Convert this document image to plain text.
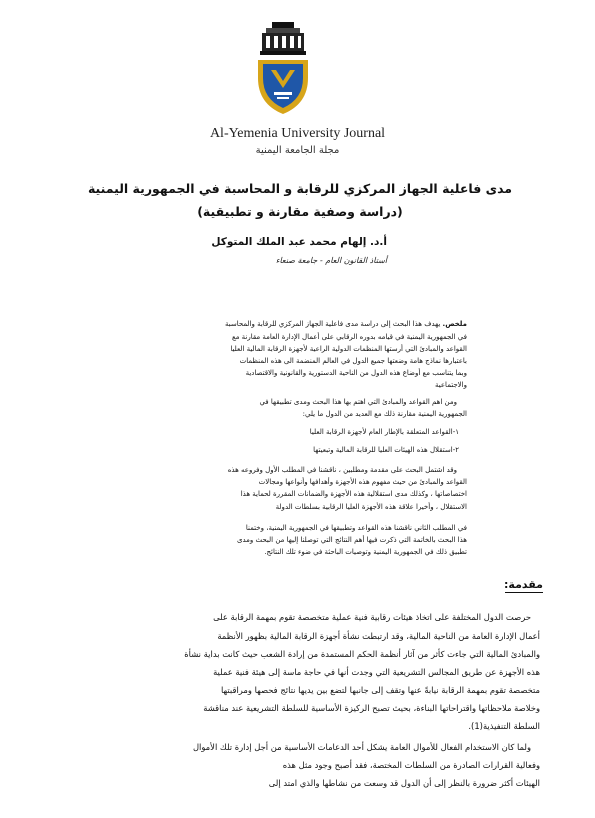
Al-Yemenia University Journal
مجلة الجامعة اليمنية
مدى فاعلية الجهاز المركزي للرقابة و المحاسبة في الجمهورية اليمنية
(دراسة وصفية مقارنة و تطبيقية)
أ.د. إلهام محمد عبد الملك المتوكل
أستاذ القانون العام - جامعة صنعاء
ملخص. يهدف هذا البحث إلى دراسة مدى فاعلية الجهاز المركزي للرقابة والمحاسبة
في الجمهورية اليمنية في قيامه بدوره الرقابي على أعمال الإدارة العامة مقارنة مع
القواعد والمبادئ التي أرستها المنظمات الدولية الراعية لأجهزة الرقابة المالية العليا
باعتبارها نماذج هامة وضعتها جميع الدول في العالم المنضمة الى هذه المنظمات
وبما يتناسب مع أوضاع هذه الدول من الناحية الدستورية والقانونية والاقتصادية
والاجتماعية
ومن اهم القواعد والمبادئ التي اهتم بها هذا البحث ومدى تطبيقها في
الجمهورية اليمنية مقارنة ذلك مع العديد من الدول ما يلي:
١-القواعد المتعلقة بالإطار العام لأجهزة الرقابة العليا
٢-استقلال هذه الهيئات العليا للرقابة المالية وتبعيتها
وقد اشتمل البحث على مقدمة ومطلبين ، ناقشنا في المطلب الأول وفروعه هذه
القواعد والمبادئ من حيث مفهوم هذه الأجهزة وأهدافها وأنواعها ومجالات
اختصاصاتها ، وكذلك مدى استقلالية هذه الأجهزة والضمانات المقررة لحماية هذا
الاستقلال ، وأخيرا علاقة هذه الأجهزة العليا الرقابية بسلطات الدولة
في المطلب الثاني ناقشنا هذه القواعد وتطبيقها في الجمهورية اليمنية، وختمنا
هذا البحث بالخاتمة التي ذكرت فيها أهم النتائج التي توصلنا إليها من البحث ومدى
تطبيق ذلك في الجمهورية اليمنية وتوصيات الباحثة في ضوء تلك النتائج.
مقدمة:
حرصت الدول المختلفة على اتخاذ هيئات رقابية فنية عملية متخصصة تقوم بمهمة الرقابة على
أعمال الإدارة العامة من الناحية المالية، وقد ارتبطت نشأة أجهزة الرقابة المالية بظهور الأنظمة
والمبادئ المالية التي جاءت كأثر من آثار أنظمة الحكم المستمدة من إرادة الشعب حيث كانت بداية نشأة
هذه الأجهزة عن طريق المجالس التشريعية التي وجدت أنها في حاجة ماسة إلى هيئة فنية عملية
متخصصة تقوم بمهمة الرقابة نيابةً عنها وتقف إلى جانبها لتضع بين يديها نتائج فحصها ومراقبتها
وخلاصة ملاحظاتها واقتراحاتها البناءة، بحيث تصبح الركيزة الأساسية للسلطة التشريعية عند مناقشة
السلطة التنفيذية(1).
ولما كان الاستخدام الفعال للأموال العامة يشكل أحد الدعامات الأساسية من أجل إدارة تلك الأموال
وفعالية القرارات الصادرة من السلطات المختصة، فقد أصبح وجود مثل هذه
الهيئات أكثر ضرورة بالنظر إلى أن الدول قد وسعت من نشاطها والذي امتد إلى
